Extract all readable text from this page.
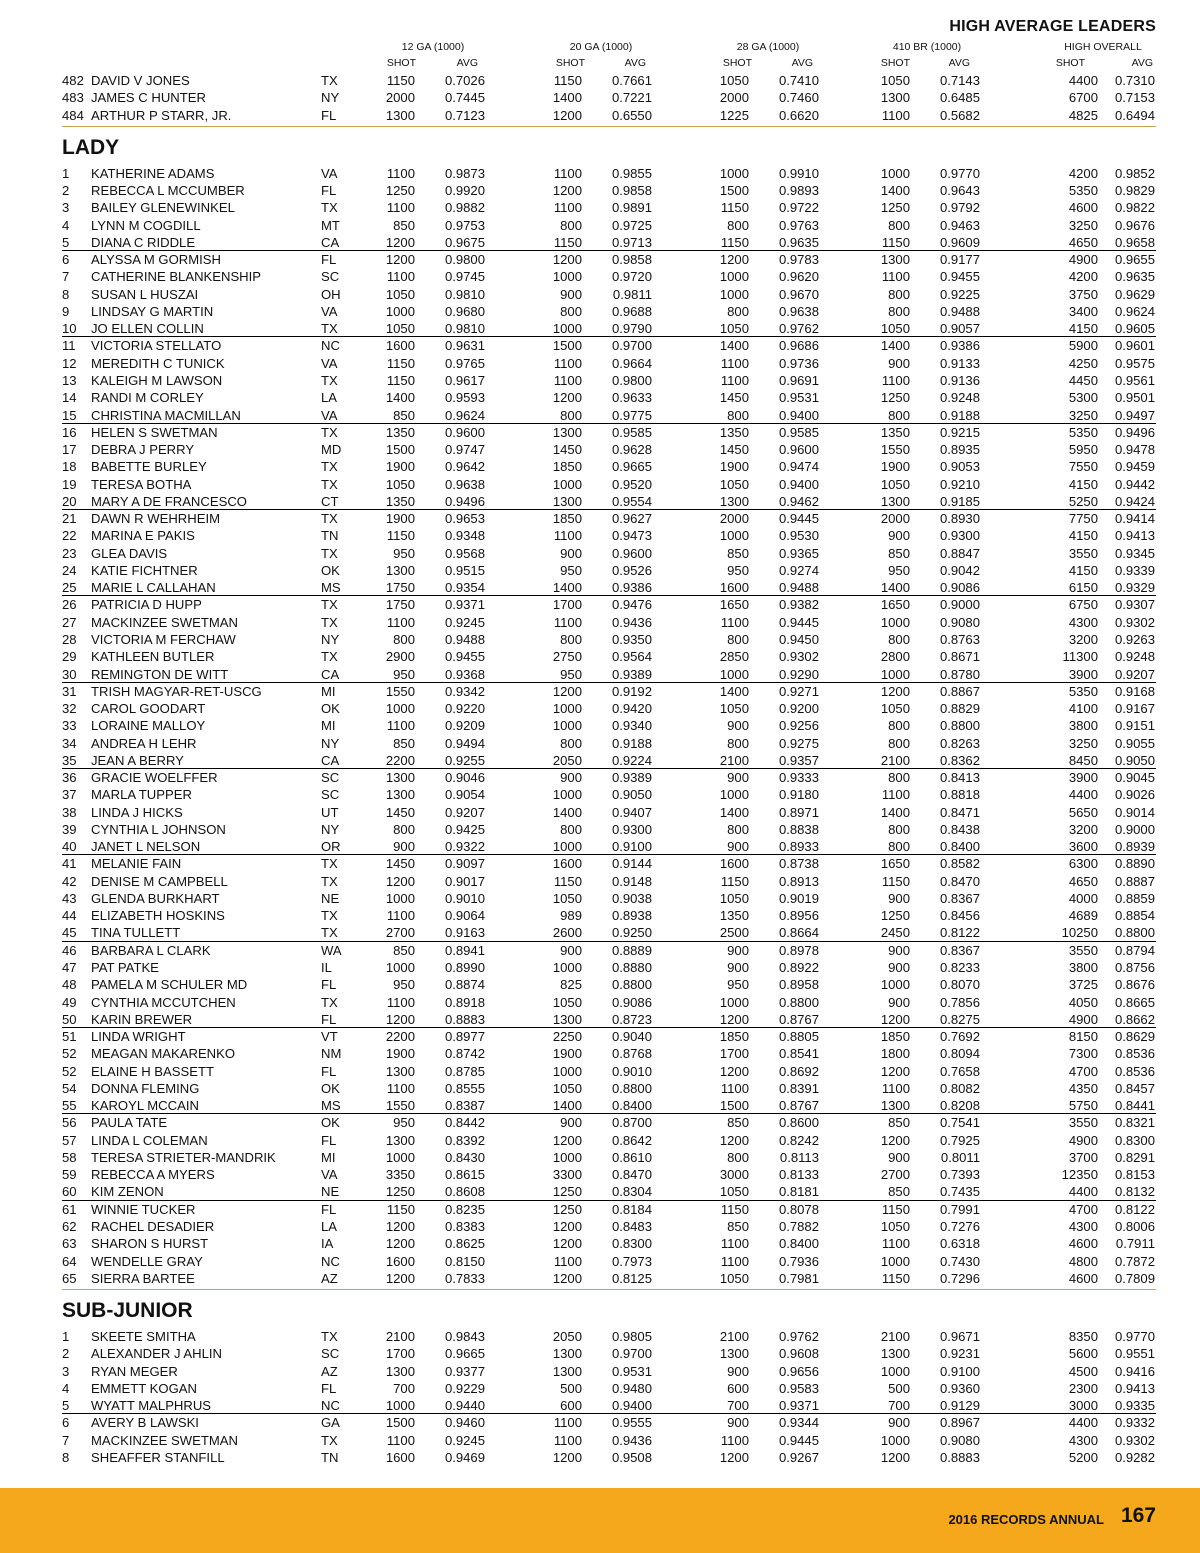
HIGH AVERAGE LEADERS
12 GA (1000)	20 GA (1000)	28 GA (1000)	410 BR (1000)	HIGH OVERALL
SHOT	AVG	SHOT	AVG	SHOT	AVG	SHOT	AVG	SHOT	AVG
482 DAVID V JONES	TX	1150	0.7026	1150	0.7661	1050	0.7410	1050	0.7143	4400	0.7310
483 JAMES C HUNTER	NY	2000	0.7445	1400	0.7221	2000	0.7460	1300	0.6485	6700	0.7153
484 ARTHUR P STARR, JR.	FL	1300	0.7123	1200	0.6550	1225	0.6620	1100	0.5682	4825	0.6494
LADY
1 KATHERINE ADAMS	VA	1100	0.9873	1100	0.9855	1000	0.9910	1000	0.9770	4200	0.9852
2 REBECCA L MCCUMBER	FL	1250	0.9920	1200	0.9858	1500	0.9893	1400	0.9643	5350	0.9829
3 BAILEY GLENEWINKEL	TX	1100	0.9882	1100	0.9891	1150	0.9722	1250	0.9792	4600	0.9822
4 LYNN M COGDILL	MT	850	0.9753	800	0.9725	800	0.9763	800	0.9463	3250	0.9676
5 DIANA C RIDDLE	CA	1200	0.9675	1150	0.9713	1150	0.9635	1150	0.9609	4650	0.9658
6 ALYSSA M GORMISH	FL	1200	0.9800	1200	0.9858	1200	0.9783	1300	0.9177	4900	0.9655
7 CATHERINE BLANKENSHIP	SC	1100	0.9745	1000	0.9720	1000	0.9620	1100	0.9455	4200	0.9635
8 SUSAN L HUSZAI	OH	1050	0.9810	900	0.9811	1000	0.9670	800	0.9225	3750	0.9629
9 LINDSAY G MARTIN	VA	1000	0.9680	800	0.9688	800	0.9638	800	0.9488	3400	0.9624
10 JO ELLEN COLLIN	TX	1050	0.9810	1000	0.9790	1050	0.9762	1050	0.9057	4150	0.9605
11 VICTORIA STELLATO	NC	1600	0.9631	1500	0.9700	1400	0.9686	1400	0.9386	5900	0.9601
12 MEREDITH C TUNICK	VA	1150	0.9765	1100	0.9664	1100	0.9736	900	0.9133	4250	0.9575
13 KALEIGH M LAWSON	TX	1150	0.9617	1100	0.9800	1100	0.9691	1100	0.9136	4450	0.9561
14 RANDI M CORLEY	LA	1400	0.9593	1200	0.9633	1450	0.9531	1250	0.9248	5300	0.9501
15 CHRISTINA MACMILLAN	VA	850	0.9624	800	0.9775	800	0.9400	800	0.9188	3250	0.9497
16 HELEN S SWETMAN	TX	1350	0.9600	1300	0.9585	1350	0.9585	1350	0.9215	5350	0.9496
17 DEBRA J PERRY	MD	1500	0.9747	1450	0.9628	1450	0.9600	1550	0.8935	5950	0.9478
18 BABETTE BURLEY	TX	1900	0.9642	1850	0.9665	1900	0.9474	1900	0.9053	7550	0.9459
19 TERESA BOTHA	TX	1050	0.9638	1000	0.9520	1050	0.9400	1050	0.9210	4150	0.9442
20 MARY A DE FRANCESCO	CT	1350	0.9496	1300	0.9554	1300	0.9462	1300	0.9185	5250	0.9424
21 DAWN R WEHRHEIM	TX	1900	0.9653	1850	0.9627	2000	0.9445	2000	0.8930	7750	0.9414
22 MARINA E PAKIS	TN	1150	0.9348	1100	0.9473	1000	0.9530	900	0.9300	4150	0.9413
23 GLEA DAVIS	TX	950	0.9568	900	0.9600	850	0.9365	850	0.8847	3550	0.9345
24 KATIE FICHTNER	OK	1300	0.9515	950	0.9526	950	0.9274	950	0.9042	4150	0.9339
25 MARIE L CALLAHAN	MS	1750	0.9354	1400	0.9386	1600	0.9488	1400	0.9086	6150	0.9329
26 PATRICIA D HUPP	TX	1750	0.9371	1700	0.9476	1650	0.9382	1650	0.9000	6750	0.9307
27 MACKINZEE SWETMAN	TX	1100	0.9245	1100	0.9436	1100	0.9445	1000	0.9080	4300	0.9302
28 VICTORIA M FERCHAW	NY	800	0.9488	800	0.9350	800	0.9450	800	0.8763	3200	0.9263
29 KATHLEEN BUTLER	TX	2900	0.9455	2750	0.9564	2850	0.9302	2800	0.8671	11300	0.9248
30 REMINGTON DE WITT	CA	950	0.9368	950	0.9389	1000	0.9290	1000	0.8780	3900	0.9207
31 TRISH MAGYAR-RET-USCG	MI	1550	0.9342	1200	0.9192	1400	0.9271	1200	0.8867	5350	0.9168
32 CAROL GOODART	OK	1000	0.9220	1000	0.9420	1050	0.9200	1050	0.8829	4100	0.9167
33 LORAINE MALLOY	MI	1100	0.9209	1000	0.9340	900	0.9256	800	0.8800	3800	0.9151
34 ANDREA H LEHR	NY	850	0.9494	800	0.9188	800	0.9275	800	0.8263	3250	0.9055
35 JEAN A BERRY	CA	2200	0.9255	2050	0.9224	2100	0.9357	2100	0.8362	8450	0.9050
36 GRACIE WOELFFER	SC	1300	0.9046	900	0.9389	900	0.9333	800	0.8413	3900	0.9045
37 MARLA TUPPER	SC	1300	0.9054	1000	0.9050	1000	0.9180	1100	0.8818	4400	0.9026
38 LINDA J HICKS	UT	1450	0.9207	1400	0.9407	1400	0.8971	1400	0.8471	5650	0.9014
39 CYNTHIA L JOHNSON	NY	800	0.9425	800	0.9300	800	0.8838	800	0.8438	3200	0.9000
40 JANET L NELSON	OR	900	0.9322	1000	0.9100	900	0.8933	800	0.8400	3600	0.8939
41 MELANIE FAIN	TX	1450	0.9097	1600	0.9144	1600	0.8738	1650	0.8582	6300	0.8890
42 DENISE M CAMPBELL	TX	1200	0.9017	1150	0.9148	1150	0.8913	1150	0.8470	4650	0.8887
43 GLENDA BURKHART	NE	1000	0.9010	1050	0.9038	1050	0.9019	900	0.8367	4000	0.8859
44 ELIZABETH HOSKINS	TX	1100	0.9064	989	0.8938	1350	0.8956	1250	0.8456	4689	0.8854
45 TINA TULLETT	TX	2700	0.9163	2600	0.9250	2500	0.8664	2450	0.8122	10250	0.8800
46 BARBARA L CLARK	WA	850	0.8941	900	0.8889	900	0.8978	900	0.8367	3550	0.8794
47 PAT PATKE	IL	1000	0.8990	1000	0.8880	900	0.8922	900	0.8233	3800	0.8756
48 PAMELA M SCHULER MD	FL	950	0.8874	825	0.8800	950	0.8958	1000	0.8070	3725	0.8676
49 CYNTHIA MCCUTCHEN	TX	1100	0.8918	1050	0.9086	1000	0.8800	900	0.7856	4050	0.8665
50 KARIN BREWER	FL	1200	0.8883	1300	0.8723	1200	0.8767	1200	0.8275	4900	0.8662
51 LINDA WRIGHT	VT	2200	0.8977	2250	0.9040	1850	0.8805	1850	0.7692	8150	0.8629
52 MEAGAN MAKARENKO	NM	1900	0.8742	1900	0.8768	1700	0.8541	1800	0.8094	7300	0.8536
52 ELAINE H BASSETT	FL	1300	0.8785	1000	0.9010	1200	0.8692	1200	0.7658	4700	0.8536
54 DONNA FLEMING	OK	1100	0.8555	1050	0.8800	1100	0.8391	1100	0.8082	4350	0.8457
55 KAROYL MCCAIN	MS	1550	0.8387	1400	0.8400	1500	0.8767	1300	0.8208	5750	0.8441
56 PAULA TATE	OK	950	0.8442	900	0.8700	850	0.8600	850	0.7541	3550	0.8321
57 LINDA L COLEMAN	FL	1300	0.8392	1200	0.8642	1200	0.8242	1200	0.7925	4900	0.8300
58 TERESA STRIETER-MANDRIK	MI	1000	0.8430	1000	0.8610	800	0.8113	900	0.8011	3700	0.8291
59 REBECCA A MYERS	VA	3350	0.8615	3300	0.8470	3000	0.8133	2700	0.7393	12350	0.8153
60 KIM ZENON	NE	1250	0.8608	1250	0.8304	1050	0.8181	850	0.7435	4400	0.8132
61 WINNIE TUCKER	FL	1150	0.8235	1250	0.8184	1150	0.8078	1150	0.7991	4700	0.8122
62 RACHEL DESADIER	LA	1200	0.8383	1200	0.8483	850	0.7882	1050	0.7276	4300	0.8006
63 SHARON S HURST	IA	1200	0.8625	1200	0.8300	1100	0.8400	1100	0.6318	4600	0.7911
64 WENDELLE GRAY	NC	1600	0.8150	1100	0.7973	1100	0.7936	1000	0.7430	4800	0.7872
65 SIERRA BARTEE	AZ	1200	0.7833	1200	0.8125	1050	0.7981	1150	0.7296	4600	0.7809
SUB-JUNIOR
1 SKEETE SMITHA	TX	2100	0.9843	2050	0.9805	2100	0.9762	2100	0.9671	8350	0.9770
2 ALEXANDER J AHLIN	SC	1700	0.9665	1300	0.9700	1300	0.9608	1300	0.9231	5600	0.9551
3 RYAN MEGER	AZ	1300	0.9377	1300	0.9531	900	0.9656	1000	0.9100	4500	0.9416
4 EMMETT KOGAN	FL	700	0.9229	500	0.9480	600	0.9583	500	0.9360	2300	0.9413
5 WYATT MALPHRUS	NC	1000	0.9440	600	0.9400	700	0.9371	700	0.9129	3000	0.9335
6 AVERY B LAWSKI	GA	1500	0.9460	1100	0.9555	900	0.9344	900	0.8967	4400	0.9332
7 MACKINZEE SWETMAN	TX	1100	0.9245	1100	0.9436	1100	0.9445	1000	0.9080	4300	0.9302
8 SHEAFFER STANFILL	TN	1600	0.9469	1200	0.9508	1200	0.9267	1200	0.8883	5200	0.9282
2016 RECORDS ANNUAL 167
